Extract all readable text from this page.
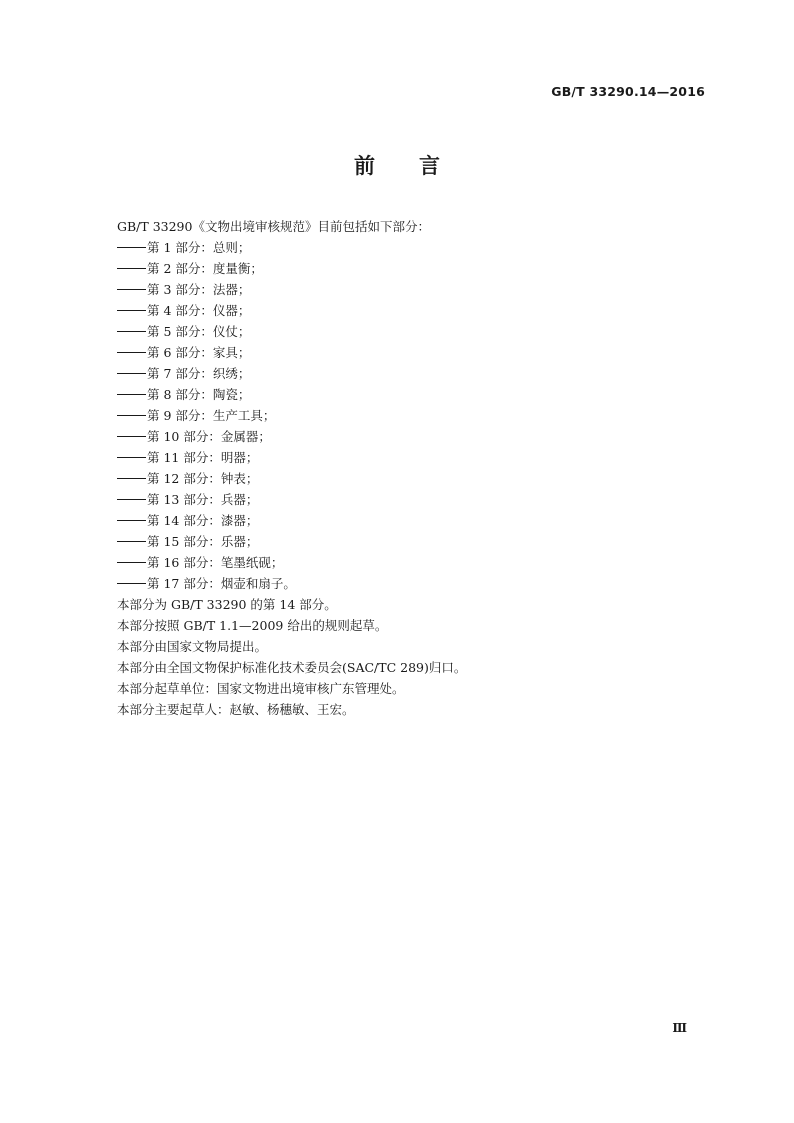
GB/T 33290.14—2016
前言
GB/T 33290《文物出境审核规范》目前包括如下部分：
第 1 部分：总则；
第 2 部分：度量衡；
第 3 部分：法器；
第 4 部分：仪器；
第 5 部分：仪仗；
第 6 部分：家具；
第 7 部分：织绣；
第 8 部分：陶瓷；
第 9 部分：生产工具；
第 10 部分：金属器；
第 11 部分：明器；
第 12 部分：钟表；
第 13 部分：兵器；
第 14 部分：漆器；
第 15 部分：乐器；
第 16 部分：笔墨纸砚；
第 17 部分：烟壶和扇子。
本部分为 GB/T 33290 的第 14 部分。
本部分按照 GB/T 1.1—2009 给出的规则起草。
本部分由国家文物局提出。
本部分由全国文物保护标准化技术委员会(SAC/TC 289)归口。
本部分起草单位：国家文物进出境审核广东管理处。
本部分主要起草人：赵敏、杨穗敏、王宏。
Ⅲ
